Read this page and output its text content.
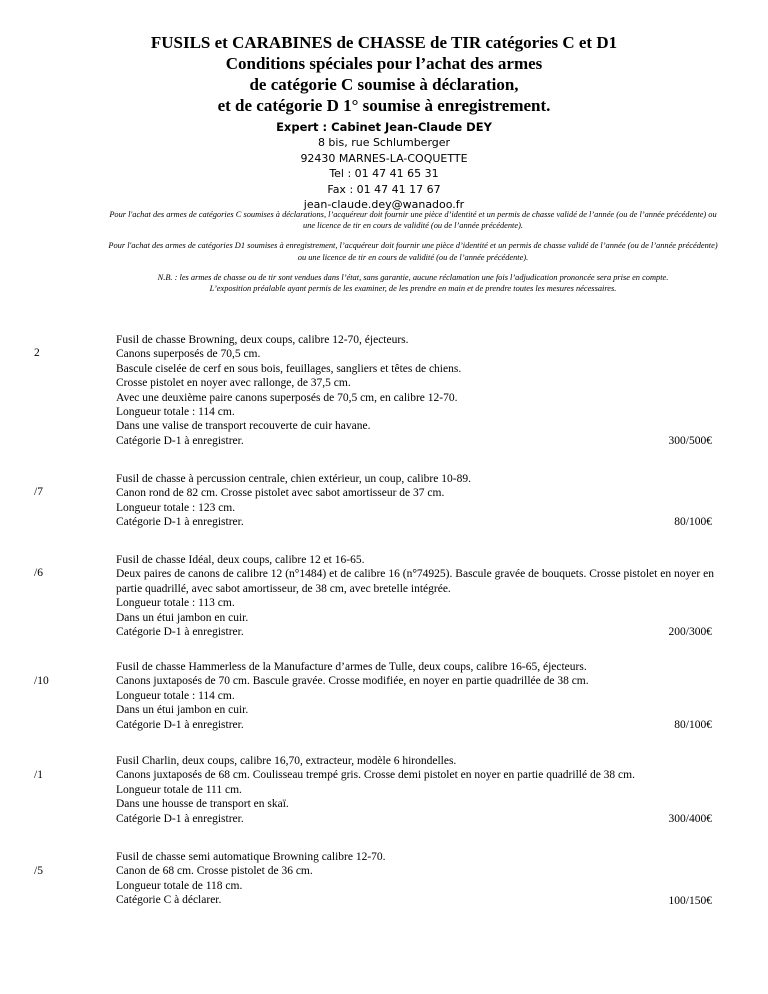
FUSILS et CARABINES de CHASSE de TIR catégories C et D1
Conditions spéciales pour l’achat des armes
de catégorie C soumise à déclaration,
et de catégorie D 1° soumise à enregistrement.
Expert : Cabinet Jean-Claude DEY
8 bis, rue Schlumberger
92430 MARNES-LA-COQUETTE
Tel : 01 47 41 65 31
Fax : 01 47 41 17 67
jean-claude.dey@wanadoo.fr

Pour l'achat des armes de catégories C soumises à déclarations, l’acquéreur doit fournir une pièce d’identité et un permis de chasse validé de l’année (ou de l’année précédente) ou une licence de tir en cours de validité (ou de l’année précédente).

Pour l'achat des armes de catégories D1 soumises à enregistrement, l’acquéreur doit fournir une pièce d’identité et un permis de chasse validé de l’année (ou de l’année précédente) ou une licence de tir en cours de validité (ou de l’année précédente).

N.B. : les armes de chasse ou de tir sont vendues dans l’état, sans garantie, aucune réclamation une fois l’adjudication prononcée sera prise en compte.

L’exposition préalable ayant permis de les examiner, de les prendre en main et de prendre toutes les mesures nécessaires.

2
Fusil de chasse Browning, deux coups, calibre 12-70, éjecteurs.
Canons superposés de 70,5 cm.
Bascule ciselée de cerf en sous bois, feuillages, sangliers et têtes de chiens.
Crosse pistolet en noyer avec rallonge, de 37,5 cm.
Avec une deuxième paire canons superposés de 70,5 cm, en calibre 12-70.
Longueur totale : 114 cm.
Dans une valise de transport recouverte de cuir havane.
Catégorie D-1 à enregistrer.	300/500€
/7
Fusil de chasse à percussion centrale, chien extérieur, un coup, calibre 10-89.
Canon rond de 82 cm. Crosse pistolet avec sabot amortisseur de 37 cm.
Longueur totale : 123 cm.
Catégorie D-1 à enregistrer.	80/100€
/6
Fusil de chasse Idéal, deux coups, calibre 12 et 16-65.
Deux paires de canons de calibre 12 (n°1484) et de calibre 16 (n°74925). Bascule gravée de bouquets. Crosse pistolet en noyer en partie quadrillé, avec sabot amortisseur, de 38 cm, avec bretelle intégrée.
Longueur totale : 113 cm.
Dans un étui jambon en cuir.
Catégorie D-1 à enregistrer.	200/300€
/10
Fusil de chasse Hammerless de la Manufacture d’armes de Tulle, deux coups, calibre 16-65, éjecteurs.
Canons juxtaposés de 70 cm. Bascule gravée. Crosse modifiée, en noyer en partie quadrillée de 38 cm.
Longueur totale : 114 cm.
Dans un étui jambon en cuir.
Catégorie D-1 à enregistrer.	80/100€
/1
Fusil Charlin, deux coups, calibre 16,70, extracteur, modèle 6 hirondelles.
Canons juxtaposés de 68 cm. Coulisseau trempé gris. Crosse demi pistolet en noyer en partie quadrillé de 38 cm.
Longueur totale de 111 cm.
Dans une housse de transport en skaï.
Catégorie D-1 à enregistrer.	300/400€
/5
Fusil de chasse semi automatique Browning calibre 12-70.
Canon de 68 cm. Crosse pistolet de 36 cm.
Longueur totale de 118 cm.
Catégorie C à déclarer.	100/150€
